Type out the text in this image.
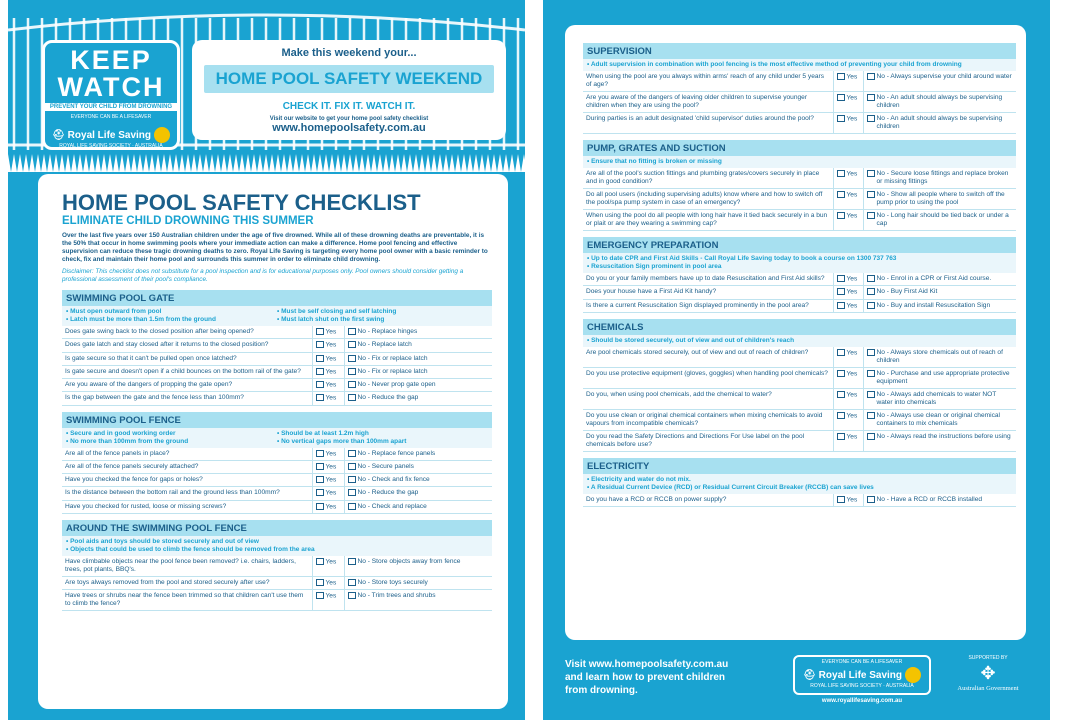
KEEP
WATCH
PREVENT YOUR CHILD FROM DROWNING
EVERYONE CAN BE A LIFESAVER
⛑ Royal Life Saving
ROYAL LIFE SAVING SOCIETY · AUSTRALIA
Make this weekend your...
HOME POOL SAFETY WEEKEND
CHECK IT. FIX IT. WATCH IT.
Visit our website to get your home pool safety checklist
www.homepoolsafety.com.au
HOME POOL SAFETY CHECKLIST
ELIMINATE CHILD DROWNING THIS SUMMER

Over the last five years over 150 Australian children under the age of five drowned. While all of these drowning deaths are preventable, it is the 50% that occur in home swimming pools where your immediate action can make a difference. Home pool fencing and effective supervision can reduce these tragic drowning deaths to zero. Royal Life Saving is targeting every home pool owner with a basic reminder to check, fix and maintain their home pool and surrounds this summer in order to eliminate child drowning.

Disclaimer: This checklist does not substitute for a pool inspection and is for educational purposes only. Pool owners should consider getting a professional assessment of their pool's compliance.

SWIMMING POOL GATE
• Must open outward from pool	• Must be self closing and self latching
• Latch must be more than 1.5m from the ground	• Must latch shut on the first swing
Does gate swing back to the closed position after being opened?	Yes	No - Replace hinges

Does gate latch and stay closed after it returns to the closed position?	Yes	No - Replace latch

Is gate secure so that it can't be pulled open once latched?	Yes	No - Fix or replace latch

Is gate secure and doesn't open if a child bounces on the bottom rail of the gate?	Yes	No - Fix or replace latch

Are you aware of the dangers of propping the gate open?	Yes	No - Never prop gate open

Is the gap between the gate and the fence less than 100mm?	Yes	No - Reduce the gap
SWIMMING POOL FENCE
• Secure and in good working order	• Should be at least 1.2m high
• No more than 100mm from the ground	• No vertical gaps more than 100mm apart
Are all of the fence panels in place?	Yes	No - Replace fence panels

Are all of the fence panels securely attached?	Yes	No - Secure panels

Have you checked the fence for gaps or holes?	Yes	No - Check and fix fence

Is the distance between the bottom rail and the ground less than 100mm?	Yes	No - Reduce the gap

Have you checked for rusted, loose or missing screws?	Yes	No - Check and replace
AROUND THE SWIMMING POOL FENCE
• Pool aids and toys should be stored securely and out of view
• Objects that could be used to climb the fence should be removed from the area
Have climbable objects near the pool fence been removed? i.e. chairs, ladders, trees, pot plants, BBQ's.	Yes	No - Store objects away from fence

Are toys always removed from the pool and stored securely after use?	Yes	No - Store toys securely

Have trees or shrubs near the fence been trimmed so that children can't use them to climb the fence?	Yes	No - Trim trees and shrubs
SUPERVISION
• Adult supervision in combination with pool fencing is the most effective method of preventing your child from drowning
When using the pool are you always within arms' reach of any child under 5 years of age?	Yes	No - Always supervise your child around water

Are you aware of the dangers of leaving older children to supervise younger children when they are using the pool?	Yes	No - An adult should always be supervising children

During parties is an adult designated 'child supervisor' duties around the pool?	Yes	No - An adult should always be supervising children
PUMP, GRATES AND SUCTION
• Ensure that no fitting is broken or missing
Are all of the pool's suction fittings and plumbing grates/covers securely in place and in good condition?	Yes	No - Secure loose fittings and replace broken or missing fittings

Do all pool users (including supervising adults) know where and how to switch off the pool/spa pump system in case of an emergency?	Yes	No - Show all people where to switch off the pump prior to using the pool

When using the pool do all people with long hair have it tied back securely in a bun or plait or are they wearing a swimming cap?	Yes	No - Long hair should be tied back or under a cap
EMERGENCY PREPARATION
• Up to date CPR and First Aid Skills - Call Royal Life Saving today to book a course on 1300 737 763
• Resuscitation Sign prominent in pool area
Do you or your family members have up to date Resuscitation and First Aid skills?	Yes	No - Enrol in a CPR or First Aid course.

Does your house have a First Aid Kit handy?	Yes	No - Buy First Aid Kit

Is there a current Resuscitation Sign displayed prominently in the pool area?	Yes	No - Buy and install Resuscitation Sign
CHEMICALS
• Should be stored securely, out of view and out of children's reach
Are pool chemicals stored securely, out of view and out of reach of children?	Yes	No - Always store chemicals out of reach of children

Do you use protective equipment (gloves, goggles) when handling pool chemicals?	Yes	No - Purchase and use appropriate protective equipment

Do you, when using pool chemicals, add the chemical to water?	Yes	No - Always add chemicals to water NOT water into chemicals

Do you use clean or original chemical containers when mixing chemicals to avoid vapours from incompatible chemicals?	Yes	No - Always use clean or original chemical containers to mix chemicals

Do you read the Safety Directions and Directions For Use label on the pool chemicals before use?	Yes	No - Always read the instructions before using
ELECTRICITY
• Electricity and water do not mix.
• A Residual Current Device (RCD) or Residual Current Circuit Breaker (RCCB) can save lives
Do you have a RCD or RCCB on power supply?	Yes	No - Have a RCD or RCCB installed
Visit www.homepoolsafety.com.au
and learn how to prevent children
from drowning.
EVERYONE CAN BE A LIFESAVER
⛑ Royal Life Saving
ROYAL LIFE SAVING SOCIETY · AUSTRALIA
www.royallifesaving.com.au
SUPPORTED BY
✥
Australian Government
